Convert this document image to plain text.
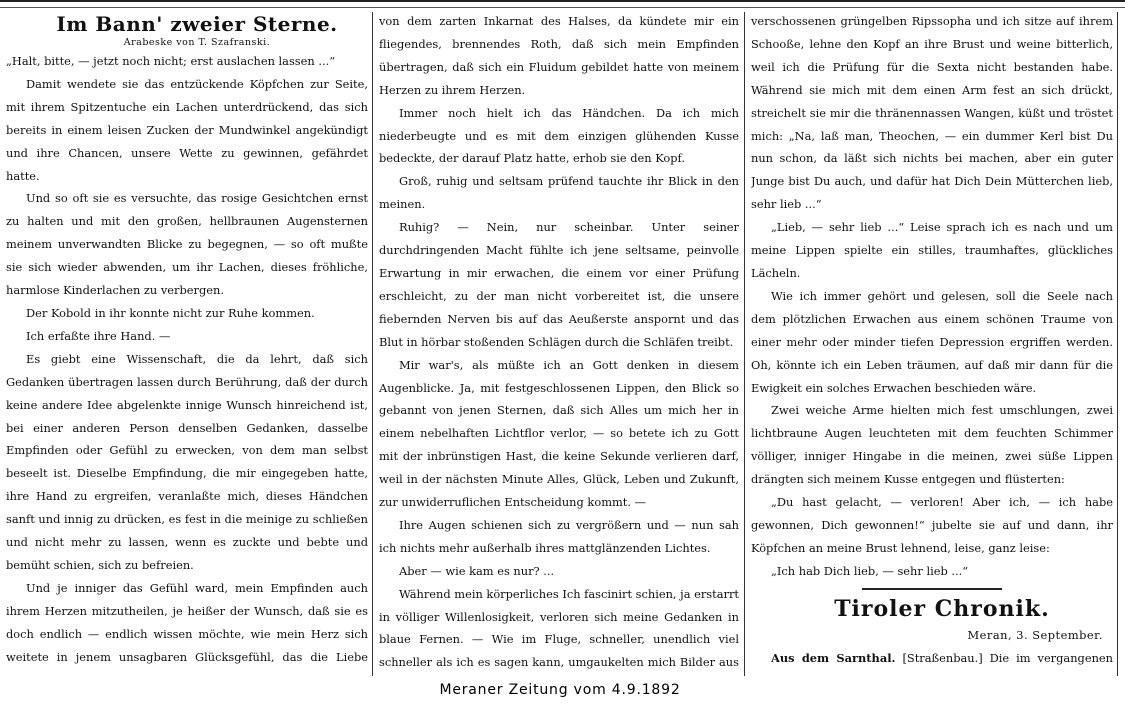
Im Bann' zweier Sterne.

Arabeske von T. Szafranski.

„Halt, bitte, — jetzt noch nicht; erst auslachen lassen ...“

Damit wendete sie das entzückende Köpfchen zur Seite, mit ihrem Spitzentuche ein Lachen unterdrückend, das sich bereits in einem leisen Zucken der Mundwinkel angekündigt und ihre Chancen, unsere Wette zu gewinnen, gefährdet hatte.

Und so oft sie es versuchte, das rosige Gesichtchen ernst zu halten und mit den großen, hellbraunen Augensternen meinem unverwandten Blicke zu begegnen, — so oft mußte sie sich wieder abwenden, um ihr Lachen, dieses fröhliche, harmlose Kinderlachen zu verbergen.

Der Kobold in ihr konnte nicht zur Ruhe kommen.

Ich erfaßte ihre Hand. —

Es giebt eine Wissenschaft, die da lehrt, daß sich Gedanken übertragen lassen durch Berührung, daß der durch keine andere Idee abgelenkte innige Wunsch hinreichend ist, bei einer anderen Person denselben Gedanken, dasselbe Empfinden oder Gefühl zu erwecken, von dem man selbst beseelt ist. Dieselbe Empfindung, die mir eingegeben hatte, ihre Hand zu ergreifen, veranlaßte mich, dieses Händchen sanft und innig zu drücken, es fest in die meinige zu schließen und nicht mehr zu lassen, wenn es zuckte und bebte und bemüht schien, sich zu befreien.

Und je inniger das Gefühl ward, mein Empfinden auch ihrem Herzen mitzutheilen, je heißer der Wunsch, daß sie es doch endlich — endlich wissen möchte, wie mein Herz sich weitete in jenem unsagbaren Glücksgefühl, das die Liebe

von dem zarten Inkarnat des Halses, da kündete mir ein fliegendes, brennendes Roth, daß sich mein Empfinden übertragen, daß sich ein Fluidum gebildet hatte von meinem Herzen zu ihrem Herzen.

Immer noch hielt ich das Händchen. Da ich mich niederbeugte und es mit dem einzigen glühenden Kusse bedeckte, der darauf Platz hatte, erhob sie den Kopf.

Groß, ruhig und seltsam prüfend tauchte ihr Blick in den meinen.

Ruhig? — Nein, nur scheinbar. Unter seiner durchdringenden Macht fühlte ich jene seltsame, peinvolle Erwartung in mir erwachen, die einem vor einer Prüfung erschleicht, zu der man nicht vorbereitet ist, die unsere fiebernden Nerven bis auf das Aeußerste anspornt und das Blut in hörbar stoßenden Schlägen durch die Schläfen treibt.

Mir war's, als müßte ich an Gott denken in diesem Augenblicke. Ja, mit festgeschlossenen Lippen, den Blick so gebannt von jenen Sternen, daß sich Alles um mich her in einem nebelhaften Lichtflor verlor, — so betete ich zu Gott mit der inbrünstigen Hast, die keine Sekunde verlieren darf, weil in der nächsten Minute Alles, Glück, Leben und Zukunft, zur unwiderruflichen Entscheidung kommt. —

Ihre Augen schienen sich zu vergrößern und — nun sah ich nichts mehr außerhalb ihres mattglänzenden Lichtes.

Aber — wie kam es nur? ...

Während mein körperliches Ich fascinirt schien, ja erstarrt in völliger Willenlosigkeit, verloren sich meine Gedanken in blaue Fernen. — Wie im Fluge, schneller, unendlich viel schneller als ich es sagen kann, umgaukelten mich Bilder aus

verschossenen grüngelben Ripssopha und ich sitze auf ihrem Schooße, lehne den Kopf an ihre Brust und weine bitterlich, weil ich die Prüfung für die Sexta nicht bestanden habe. Während sie mich mit dem einen Arm fest an sich drückt, streichelt sie mir die thränennassen Wangen, küßt und tröstet mich: „Na, laß man, Theochen, — ein dummer Kerl bist Du nun schon, da läßt sich nichts bei machen, aber ein guter Junge bist Du auch, und dafür hat Dich Dein Mütterchen lieb, sehr lieb ...“

„Lieb, — sehr lieb ...“ Leise sprach ich es nach und um meine Lippen spielte ein stilles, traumhaftes, glückliches Lächeln.

Wie ich immer gehört und gelesen, soll die Seele nach dem plötzlichen Erwachen aus einem schönen Traume von einer mehr oder minder tiefen Depression ergriffen werden. Oh, könnte ich ein Leben träumen, auf daß mir dann für die Ewigkeit ein solches Erwachen beschieden wäre.

Zwei weiche Arme hielten mich fest umschlungen, zwei lichtbraune Augen leuchteten mit dem feuchten Schimmer völliger, inniger Hingabe in die meinen, zwei süße Lippen drängten sich meinem Kusse entgegen und flüsterten:

„Du hast gelacht, — verloren! Aber ich, — ich habe gewonnen, Dich gewonnen!“ jubelte sie auf und dann, ihr Köpfchen an meine Brust lehnend, leise, ganz leise:

„Ich hab Dich lieb, — sehr lieb ...“

Tiroler Chronik.

Meran, 3. September.

Aus dem Sarnthal. [Straßenbau.] Die im vergangenen

Meraner Zeitung vom 4.9.1892
